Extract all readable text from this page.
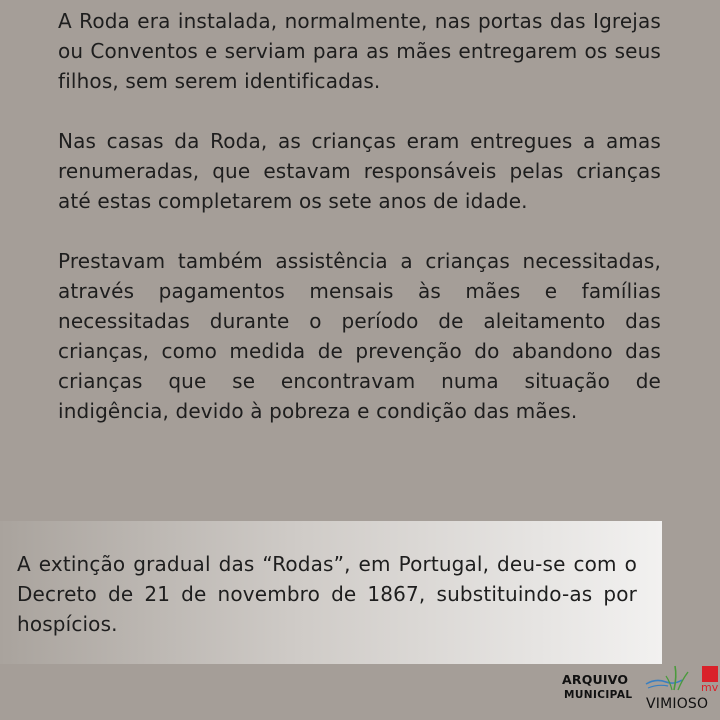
A Roda era instalada, normalmente, nas portas das Igrejas ou Conventos e serviam para as mães entregarem os seus filhos, sem serem identificadas.

Nas casas da Roda, as crianças eram entregues a amas renumeradas, que estavam responsáveis pelas crianças até estas completarem os sete anos de idade.

Prestavam também assistência a crianças necessitadas, através pagamentos mensais às mães e famílias necessitadas durante o período de aleitamento das crianças, como medida de prevenção do abandono das crianças que se encontravam numa situação de indigência, devido à pobreza e condição das mães.

A extinção gradual das “Rodas”, em Portugal, deu-se com o Decreto de 21 de novembro de 1867, substituindo-as por hospícios.

ARQUIVO
MUNICIPAL
mv
VIMIOSO
